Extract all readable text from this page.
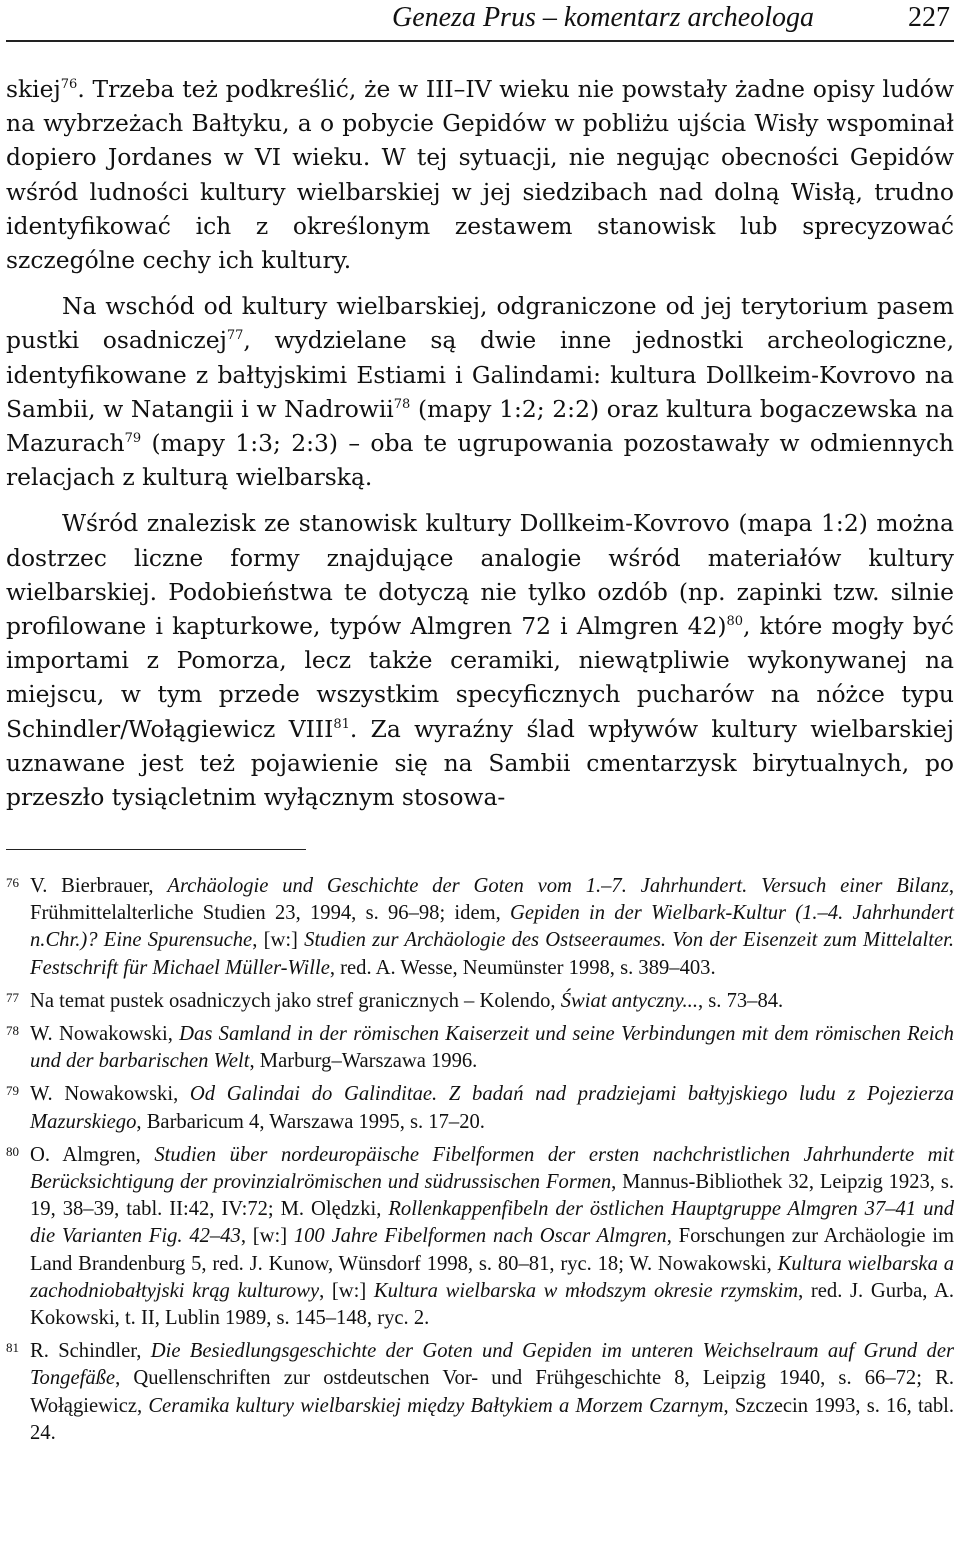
Geneza Prus – komentarz archeologa	227

skiej$^{76}$. Trzeba też podkreślić, że w III–IV wieku nie powstały żadne opisy ludów na wybrzeżach Bałtyku, a o pobycie Gepidów w pobliżu ujścia Wisły wspominał dopiero Jordanes w VI wieku. W tej sytuacji, nie negując obecności Gepidów wśród ludności kultury wielbarskiej w jej siedzibach nad dolną Wisłą, trudno identyfikować ich z określonym zestawem stanowisk lub sprecyzować szczególne cechy ich kultury.

Na wschód od kultury wielbarskiej, odgraniczone od jej terytorium pasem pustki osadniczej$^{77}$, wydzielane są dwie inne jednostki archeologiczne, identyfikowane z bałtyjskimi Estiami i Galindami: kultura Dollkeim-Kovrovo na Sambii, w Natangii i w Nadrowii$^{78}$ (mapy 1:2; 2:2) oraz kultura bogaczewska na Mazurach$^{79}$ (mapy 1:3; 2:3) – oba te ugrupowania pozostawały w odmiennych relacjach z kulturą wielbarską.

Wśród znalezisk ze stanowisk kultury Dollkeim-Kovrovo (mapa 1:2) można dostrzec liczne formy znajdujące analogie wśród materiałów kultury wielbarskiej. Podobieństwa te dotyczą nie tylko ozdób (np. zapinki tzw. silnie profilowane i kapturkowe, typów Almgren 72 i Almgren 42)$^{80}$, które mogły być importami z Pomorza, lecz także ceramiki, niewątpliwie wykonywanej na miejscu, w tym przede wszystkim specyficznych pucharów na nóżce typu Schindler/Wołągiewicz VIII$^{81}$. Za wyraźny ślad wpływów kultury wielbarskiej uznawane jest też pojawienie się na Sambii cmentarzysk birytualnych, po przeszło tysiącletnim wyłącznym stosowa-

76 V. Bierbrauer, Archäologie und Geschichte der Goten vom 1.–7. Jahrhundert. Versuch einer Bilanz, Frühmittelalterliche Studien 23, 1994, s. 96–98; idem, Gepiden in der Wielbark-Kultur (1.–4. Jahrhundert n.Chr.)? Eine Spurensuche, [w:] Studien zur Archäologie des Ostseeraumes. Von der Eisenzeit zum Mittelalter. Festschrift für Michael Müller-Wille, red. A. Wesse, Neumünster 1998, s. 389–403.
77 Na temat pustek osadniczych jako stref granicznych – Kolendo, Świat antyczny..., s. 73–84.
78 W. Nowakowski, Das Samland in der römischen Kaiserzeit und seine Verbindungen mit dem römischen Reich und der barbarischen Welt, Marburg–Warszawa 1996.
79 W. Nowakowski, Od Galindai do Galinditae. Z badań nad pradziejami bałtyjskiego ludu z Pojezierza Mazurskiego, Barbaricum 4, Warszawa 1995, s. 17–20.
80 O. Almgren, Studien über nordeuropäische Fibelformen der ersten nachchristlichen Jahrhunderte mit Berücksichtigung der provinzialrömischen und südrussischen Formen, Mannus-Bibliothek 32, Leipzig 1923, s. 19, 38–39, tabl. II:42, IV:72; M. Olędzki, Rollenkappenfibeln der östlichen Hauptgruppe Almgren 37–41 und die Varianten Fig. 42–43, [w:] 100 Jahre Fibelformen nach Oscar Almgren, Forschungen zur Archäologie im Land Brandenburg 5, red. J. Kunow, Wünsdorf 1998, s. 80–81, ryc. 18; W. Nowakowski, Kultura wielbarska a zachodniobałtyjski krąg kulturowy, [w:] Kultura wielbarska w młodszym okresie rzymskim, red. J. Gurba, A. Kokowski, t. II, Lublin 1989, s. 145–148, ryc. 2.
81 R. Schindler, Die Besiedlungsgeschichte der Goten und Gepiden im unteren Weichselraum auf Grund der Tongefäße, Quellenschriften zur ostdeutschen Vor- und Frühgeschichte 8, Leipzig 1940, s. 66–72; R. Wołągiewicz, Ceramika kultury wielbarskiej między Bałtykiem a Morzem Czarnym, Szczecin 1993, s. 16, tabl. 24.
